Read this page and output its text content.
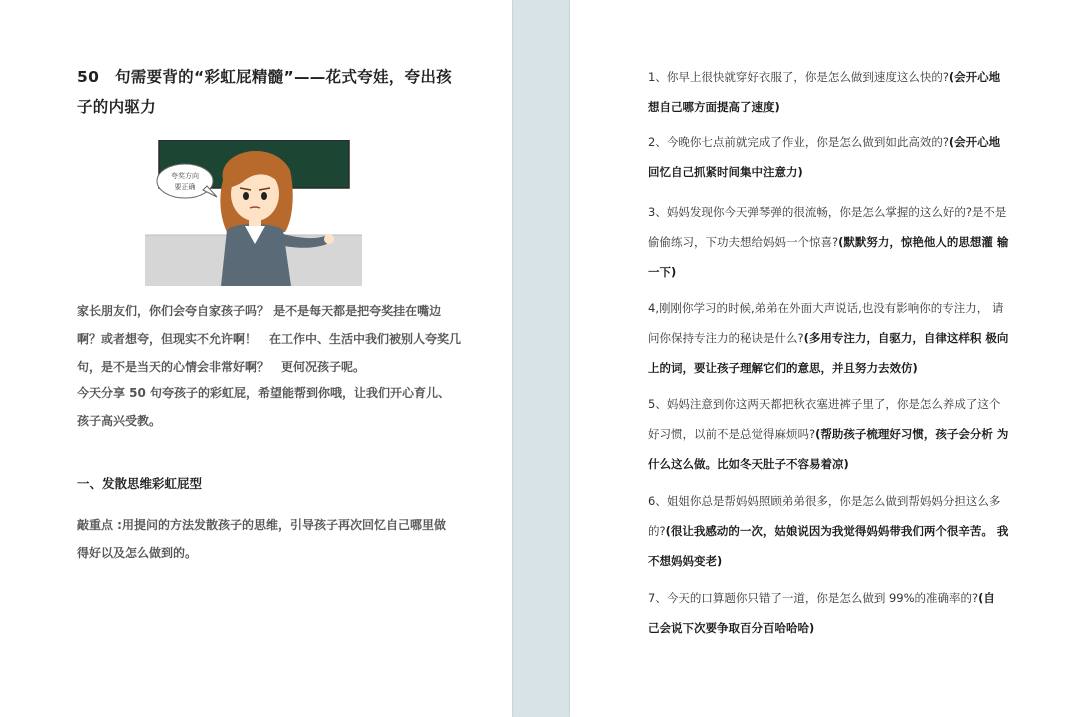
50　句需要背的“彩虹屁精髓”——花式夸娃，夸出孩子的内驱力
夸奖方向
要正确

家长朋友们，你们会夸自家孩子吗？ 是不是每天都是把夸奖挂在嘴边啊？或者想夸，但现实不允许啊！　在工作中、生活中我们被别人夸奖几句，是不是当天的心情会非常好啊？　更何况孩子呢。

今天分享 50 句夸孩子的彩虹屁，希望能帮到你哦，让我们开心育儿、孩子高兴受教。

一、发散思维彩虹屁型

敲重点 :用提问的方法发散孩子的思维，引导孩子再次回忆自己哪里做 得好以及怎么做到的。

1、你早上很快就穿好衣服了，你是怎么做到速度这么快的?(会开心地想自己哪方面提高了速度)

2、今晚你七点前就完成了作业，你是怎么做到如此高效的?(会开心地 回忆自己抓紧时间集中注意力)

3、妈妈发现你今天弹琴弹的很流畅，你是怎么掌握的这么好的?是不是 偷偷练习，下功夫想给妈妈一个惊喜?(默默努力，惊艳他人的思想灌 输一下)

4,刚刚你学习的时候,弟弟在外面大声说话,也没有影响你的专注力， 请问你保持专注力的秘诀是什么?(多用专注力，自驱力，自律这样积 极向上的词，要让孩子理解它们的意思，并且努力去效仿)

5、妈妈注意到你这两天都把秋衣塞进裤子里了，你是怎么养成了这个 好习惯，以前不是总觉得麻烦吗?(帮助孩子梳理好习惯，孩子会分析 为什么这么做。比如冬天肚子不容易着凉)

6、姐姐你总是帮妈妈照顾弟弟很多，你是怎么做到帮妈妈分担这么多 的?(很让我感动的一次，姑娘说因为我觉得妈妈带我们两个很辛苦。 我不想妈妈变老)

7、今天的口算题你只错了一道，你是怎么做到 99%的准确率的?(自 己会说下次要争取百分百哈哈哈)
